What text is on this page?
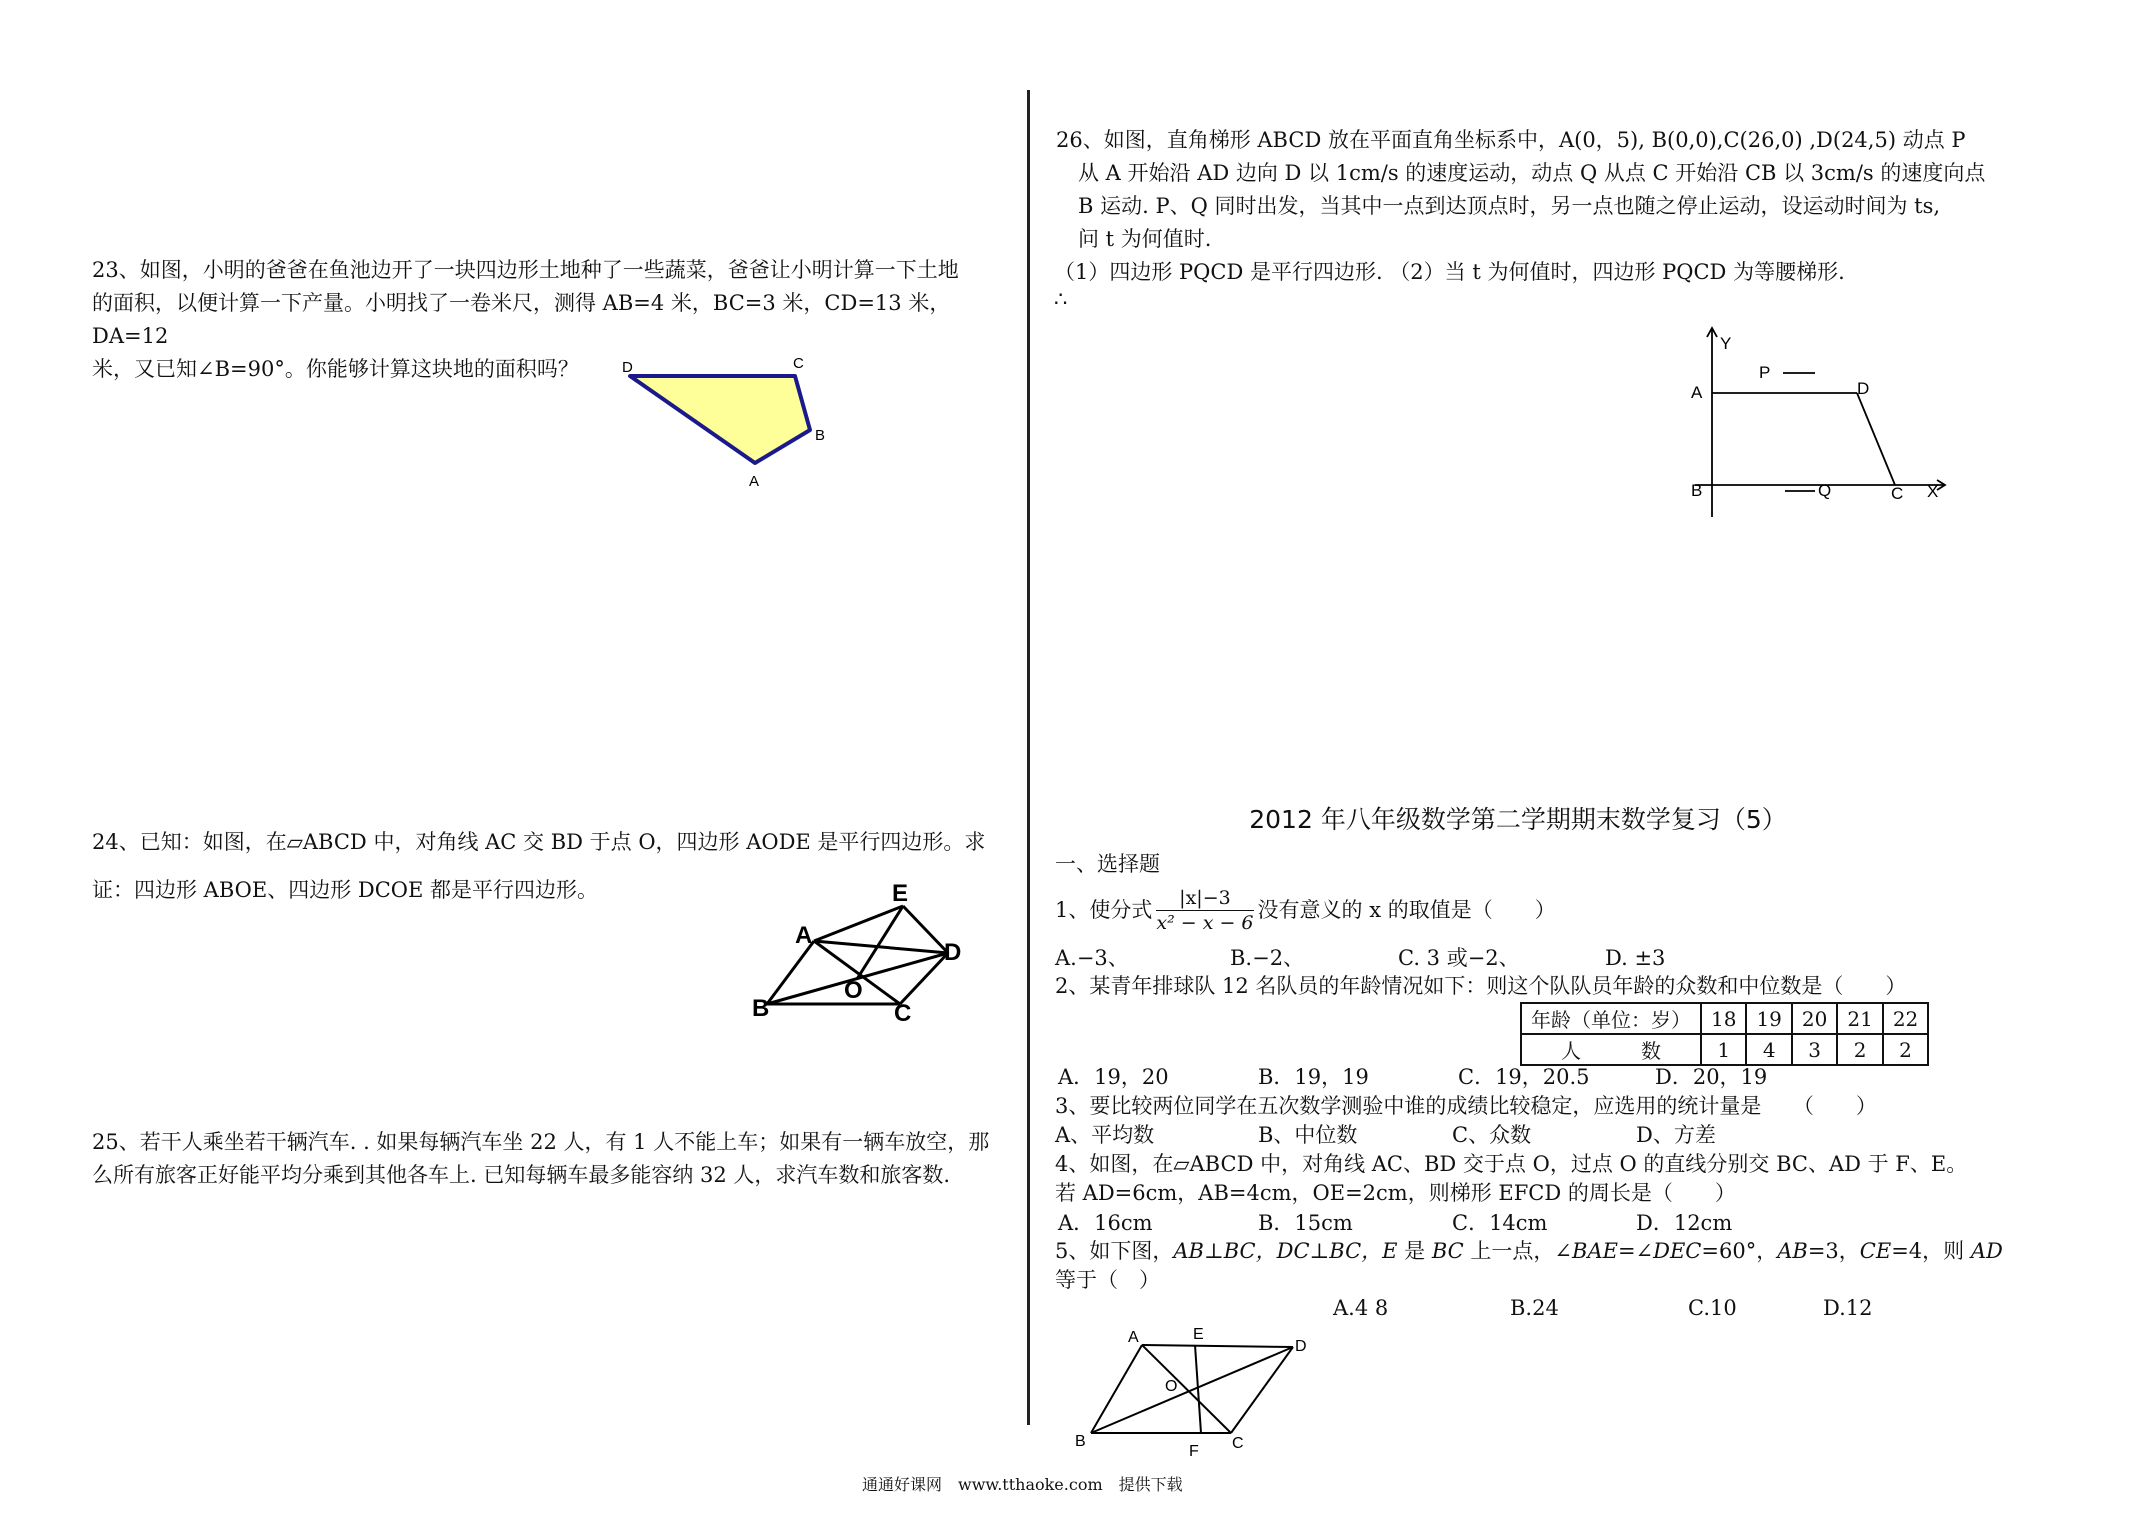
23、如图，小明的爸爸在鱼池边开了一块四边形土地种了一些蔬菜，爸爸让小明计算一下土地
的面积，以便计算一下产量。小明找了一卷米尺，测得 AB=4 米，BC=3 米，CD=13 米，DA=12
米，又已知∠B=90°。你能够计算这块地的面积吗？	D	C
B
A
24、已知：如图，在▱ABCD 中，对角线 AC 交 BD 于点 O，四边形 AODE 是平行四边形。求
证：四边形 ABOE、四边形 DCOE 都是平行四边形。	E
A
D
O
B	C
25、若干人乘坐若干辆汽车. . 如果每辆汽车坐 22 人，有 1 人不能上车；如果有一辆车放空，那
么所有旅客正好能平均分乘到其他各车上. 已知每辆车最多能容纳 32 人，求汽车数和旅客数.
26、如图，直角梯形 ABCD 放在平面直角坐标系中，A(0，5), B(0,0),C(26,0) ,D(24,5) 动点 P
从 A 开始沿 AD 边向 D 以 1cm/s 的速度运动，动点 Q 从点 C 开始沿 CB 以 3cm/s 的速度向点
B 运动. P、Q 同时出发，当其中一点到达顶点时，另一点也随之停止运动，设运动时间为 ts,
问 t 为何值时.
（1）四边形 PQCD 是平行四边形. （2）当 t 为何值时，四边形 PQCD 为等腰梯形.
∴
Y
A
P
D
B	Q	C X
2012 年八年级数学第二学期期末数学复习（5）
一、选择题
1、使分式 $\frac{|x|-3}{\text{x² − x − 6}}$ 没有意义的 x 的取值是（　　）
A.−3、	B.−2、	C. 3 或−2、	D. ±3
2、某青年排球队 12 名队员的年龄情况如下：则这个队队员年龄的众数和中位数是（　　）
年龄（单位：岁）	18	19	20	21	22
人　　　数	1	4	3	2	2
A．19，20	B．19，19	C．19，20.5	D．20，19
3、要比较两位同学在五次数学测验中谁的成绩比较稳定，应选用的统计量是　　（　　）
A、平均数	B、中位数	C、众数	D、方差
4、如图，在▱ABCD 中，对角线 AC、BD 交于点 O，过点 O 的直线分别交 BC、AD 于 F、E。
若 AD=6cm，AB=4cm，OE=2cm，则梯形 EFCD 的周长是（　　）
A．16cm	B．15cm	C．14cm	D．12cm
5、如下图，AB⊥BC，DC⊥BC，E 是 BC 上一点，∠BAE=∠DEC=60°，AB=3，CE=4，则 AD
等于（　）
A.4 8	B.24	C.10	D.12
A	E
D
O
B
F C
通通好课网　www.tthaoke.com　提供下载
